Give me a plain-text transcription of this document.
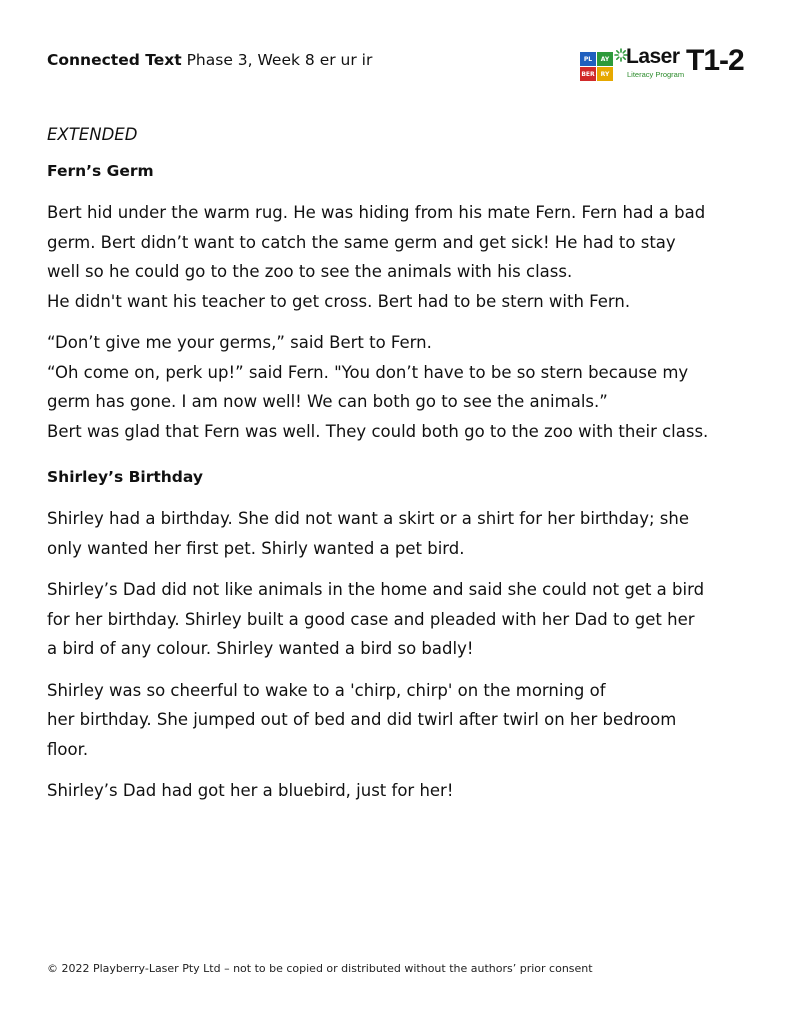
Connected Text Phase 3, Week 8 er ur ir	PL	AY
BER	RY
Laser
Literacy Program T1-2
EXTENDED
Fern’s Germ
Bert hid under the warm rug. He was hiding from his mate Fern. Fern had a bad
germ. Bert didn’t want to catch the same germ and get sick! He had to stay
well so he could go to the zoo to see the animals with his class.
He didn't want his teacher to get cross. Bert had to be stern with Fern.
“Don’t give me your germs,” said Bert to Fern.
“Oh come on, perk up!” said Fern. "You don’t have to be so stern because my
germ has gone. I am now well! We can both go to see the animals.”
Bert was glad that Fern was well. They could both go to the zoo with their class.
Shirley’s Birthday
Shirley had a birthday. She did not want a skirt or a shirt for her birthday; she
only wanted her first pet. Shirly wanted a pet bird.
Shirley’s Dad did not like animals in the home and said she could not get a bird
for her birthday. Shirley built a good case and pleaded with her Dad to get her
a bird of any colour. Shirley wanted a bird so badly!
Shirley was so cheerful to wake to a 'chirp, chirp' on the morning of
her birthday. She jumped out of bed and did twirl after twirl on her bedroom
floor.
Shirley’s Dad had got her a bluebird, just for her!
© 2022 Playberry-Laser Pty Ltd – not to be copied or distributed without the authors’ prior consent
